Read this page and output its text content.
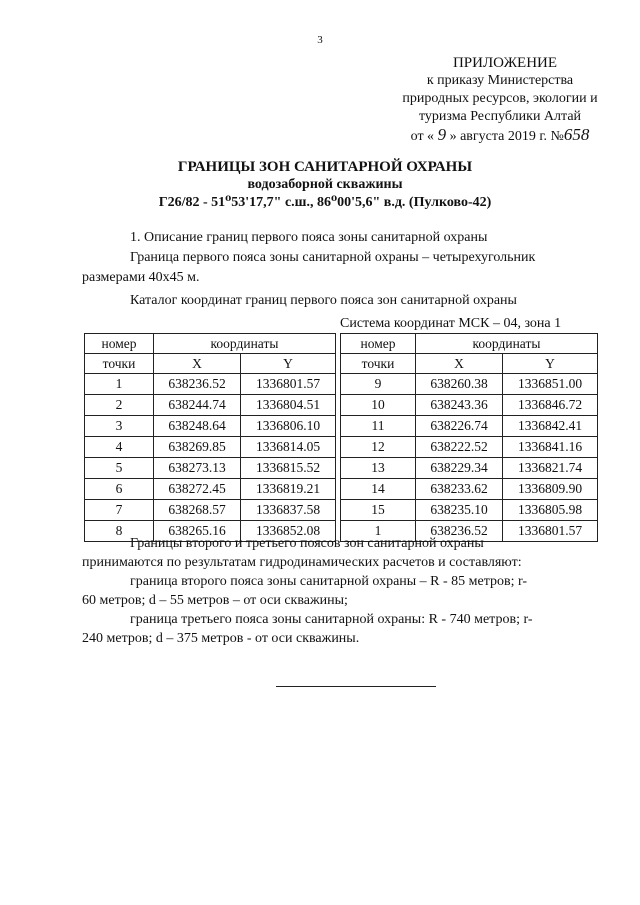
3
ПРИЛОЖЕНИЕ
к приказу Министерства
природных ресурсов, экологии и
туризма Республики Алтай
от « 9 » августа 2019 г. №658
ГРАНИЦЫ ЗОН САНИТАРНОЙ ОХРАНЫ
водозаборной скважины
Г26/82 - 51⁰53'17,7" с.ш., 86⁰00'5,6" в.д. (Пулково-42)

1. Описание границ первого пояса зоны санитарной охраны

Граница первого пояса зоны санитарной охраны – четырехугольник

размерами 40х45 м.

Каталог координат границ первого пояса зон санитарной охраны

Система координат МСК – 04, зона 1
номер	координаты	
точки	X	Y
1	638236.52	1336801.57
2	638244.74	1336804.51
3	638248.64	1336806.10
4	638269.85	1336814.05
5	638273.13	1336815.52
6	638272.45	1336819.21
7	638268.57	1336837.58
8	638265.16	1336852.08
номер	координаты	
точки	X	Y
9	638260.38	1336851.00
10	638243.36	1336846.72
11	638226.74	1336842.41
12	638222.52	1336841.16
13	638229.34	1336821.74
14	638233.62	1336809.90
15	638235.10	1336805.98
1	638236.52	1336801.57

Границы второго и третьего поясов зон санитарной охраны

принимаются по результатам гидродинамических расчетов и составляют:

граница второго пояса зоны санитарной охраны – R - 85 метров; r-

60 метров; d – 55 метров – от оси скважины;

граница третьего пояса зоны санитарной охраны: R - 740 метров; r-

240 метров; d – 375 метров - от оси скважины.
